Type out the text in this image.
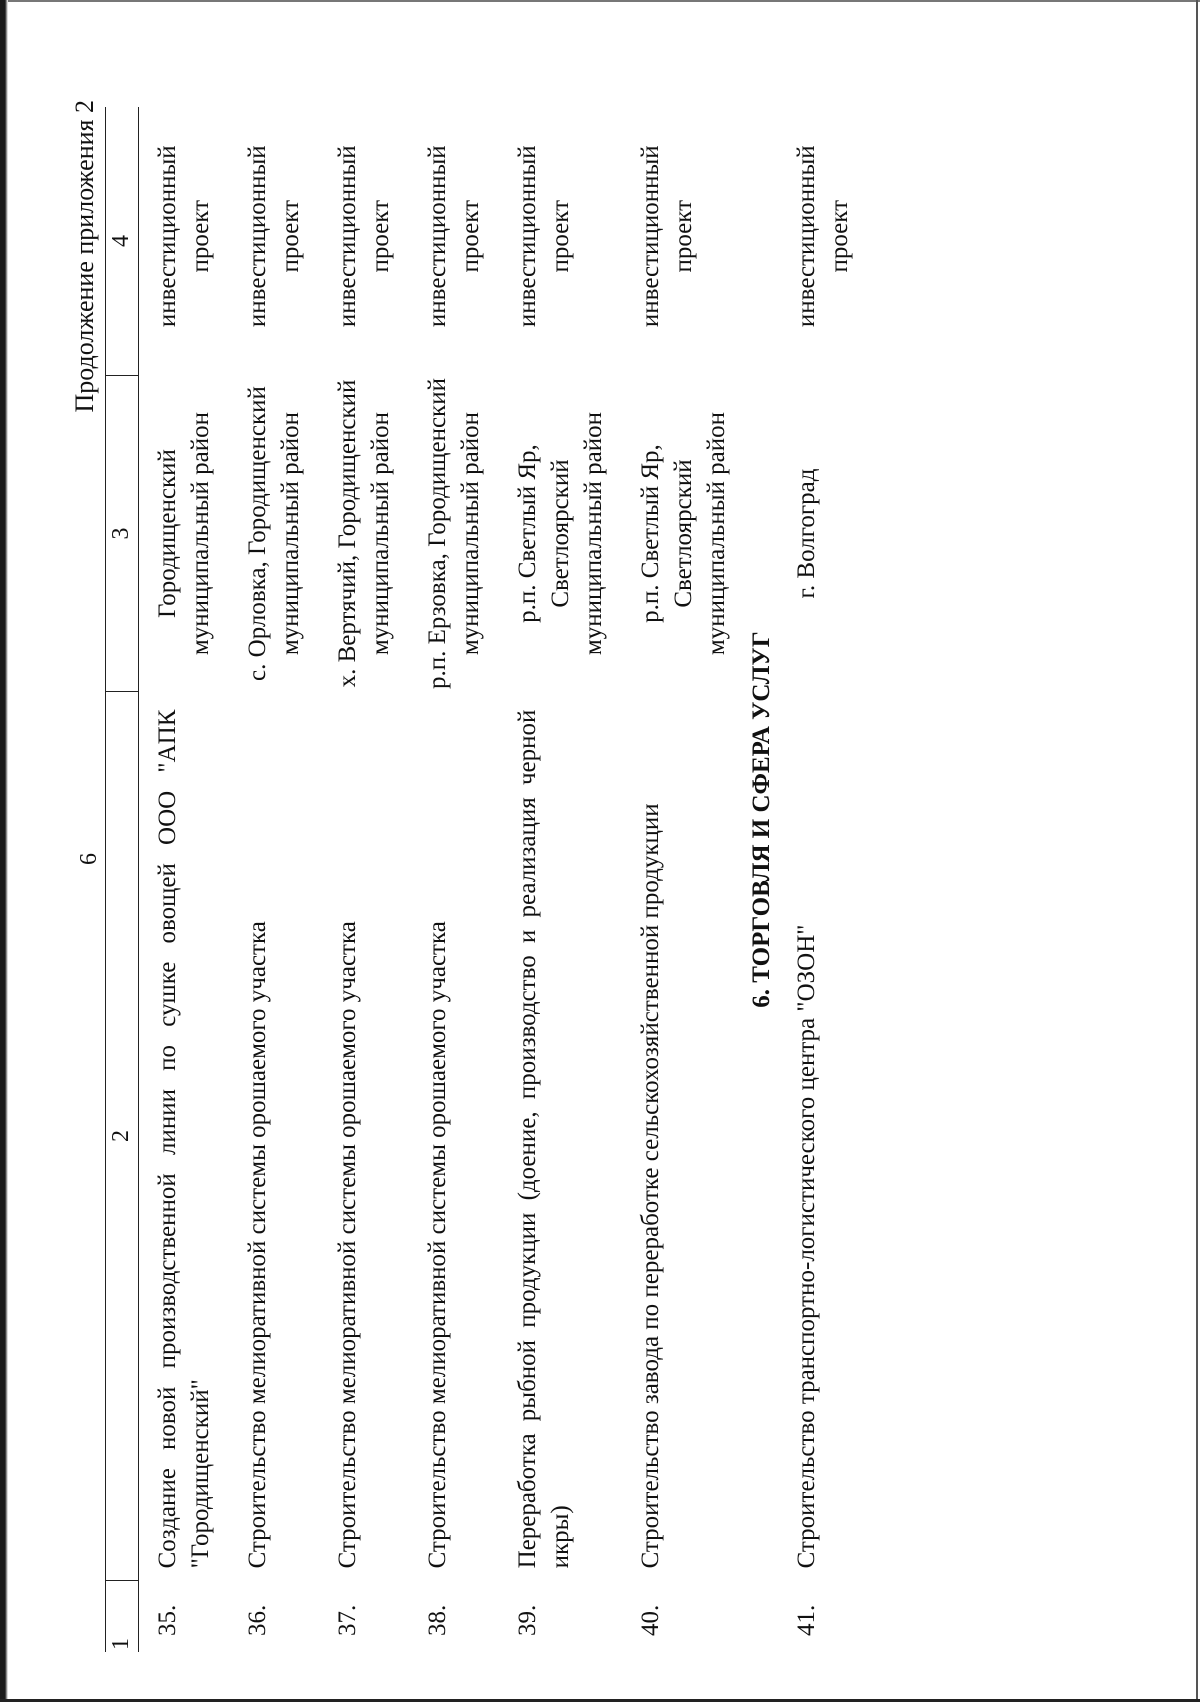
6
Продолжение приложения 2
1	2	3	4
35.	Создание новой производственной линии по сушке овощей ООО "АПК "Городищенский"	Городищенский муниципальный район	инвестиционный проект
36.	Строительство мелиоративной системы орошаемого участка	с. Орловка, Городищенский муниципальный район	инвестиционный проект
37.	Строительство мелиоративной системы орошаемого участка	х. Вертячий, Городищенский муниципальный район	инвестиционный проект
38.	Строительство мелиоративной системы орошаемого участка	р.п. Ерзовка, Городищенский муниципальный район	инвестиционный проект
39.	Переработка рыбной продукции (доение, производство и реализация черной икры)	р.п. Светлый Яр, Светлоярский муниципальный район	инвестиционный проект
40.	Строительство завода по переработке сельскохозяйственной продукции	р.п. Светлый Яр, Светлоярский муниципальный район	инвестиционный проект
6. ТОРГОВЛЯ И СФЕРА УСЛУГ			
41.	Строительство транспортно-логистического центра "ОЗОН"	г. Волгоград	инвестиционный проект
